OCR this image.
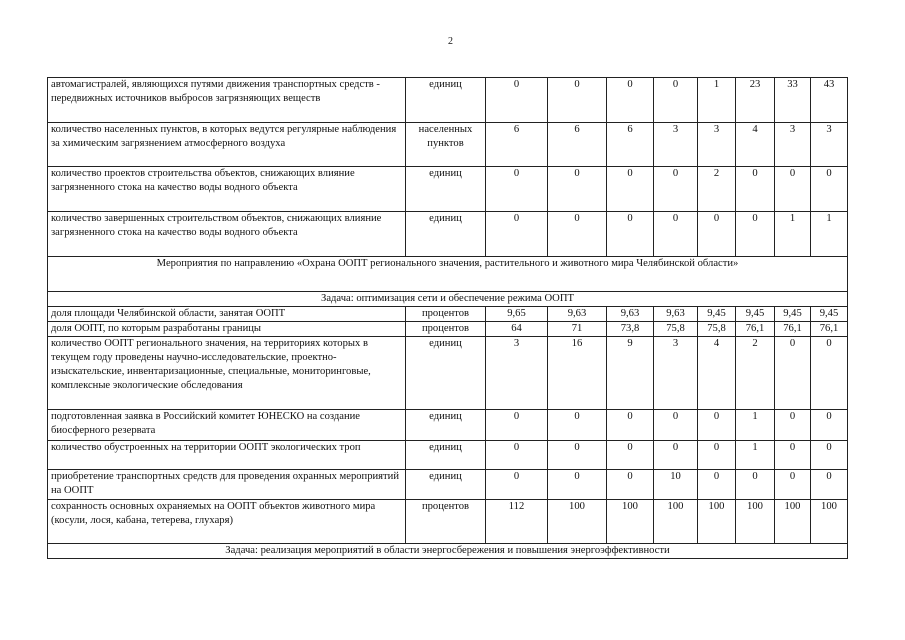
2
автомагистралей, являющихся путями движения транспортных средств - передвижных источников выбросов загрязняющих веществ	единиц	0	0	0	0	1	23	33	43
количество населенных пунктов, в которых ведутся регулярные наблюдения за химическим загрязнением атмосферного воздуха	населенных пунктов	6	6	6	3	3	4	3	3
количество проектов строительства объектов, снижающих влияние загрязненного стока на качество воды водного объекта	единиц	0	0	0	0	2	0	0	0
количество завершенных строительством объектов, снижающих влияние загрязненного стока на качество воды водного объекта	единиц	0	0	0	0	0	0	1	1
Мероприятия по направлению «Охрана ООПТ регионального значения, растительного и животного мира Челябинской области»									
Задача: оптимизация сети и обеспечение режима ООПТ									
доля площади Челябинской области, занятая ООПТ	процентов	9,65	9,63	9,63	9,63	9,45	9,45	9,45	9,45
доля ООПТ, по которым разработаны границы	процентов	64	71	73,8	75,8	75,8	76,1	76,1	76,1
количество ООПТ регионального значения, на территориях которых в текущем году проведены научно-исследовательские, проектно-изыскательские, инвентаризационные, специальные, мониторинговые, комплексные экологические обследования	единиц	3	16	9	3	4	2	0	0
подготовленная заявка в Российский комитет ЮНЕСКО на создание биосферного резервата	единиц	0	0	0	0	0	1	0	0
количество обустроенных на территории ООПТ экологических троп	единиц	0	0	0	0	0	1	0	0
приобретение транспортных средств для проведения охранных мероприятий на ООПТ	единиц	0	0	0	10	0	0	0	0
сохранность основных охраняемых на ООПТ объектов животного мира (косули, лося, кабана, тетерева, глухаря)	процентов	112	100	100	100	100	100	100	100
Задача: реализация мероприятий в области энергосбережения и повышения энергоэффективности									
